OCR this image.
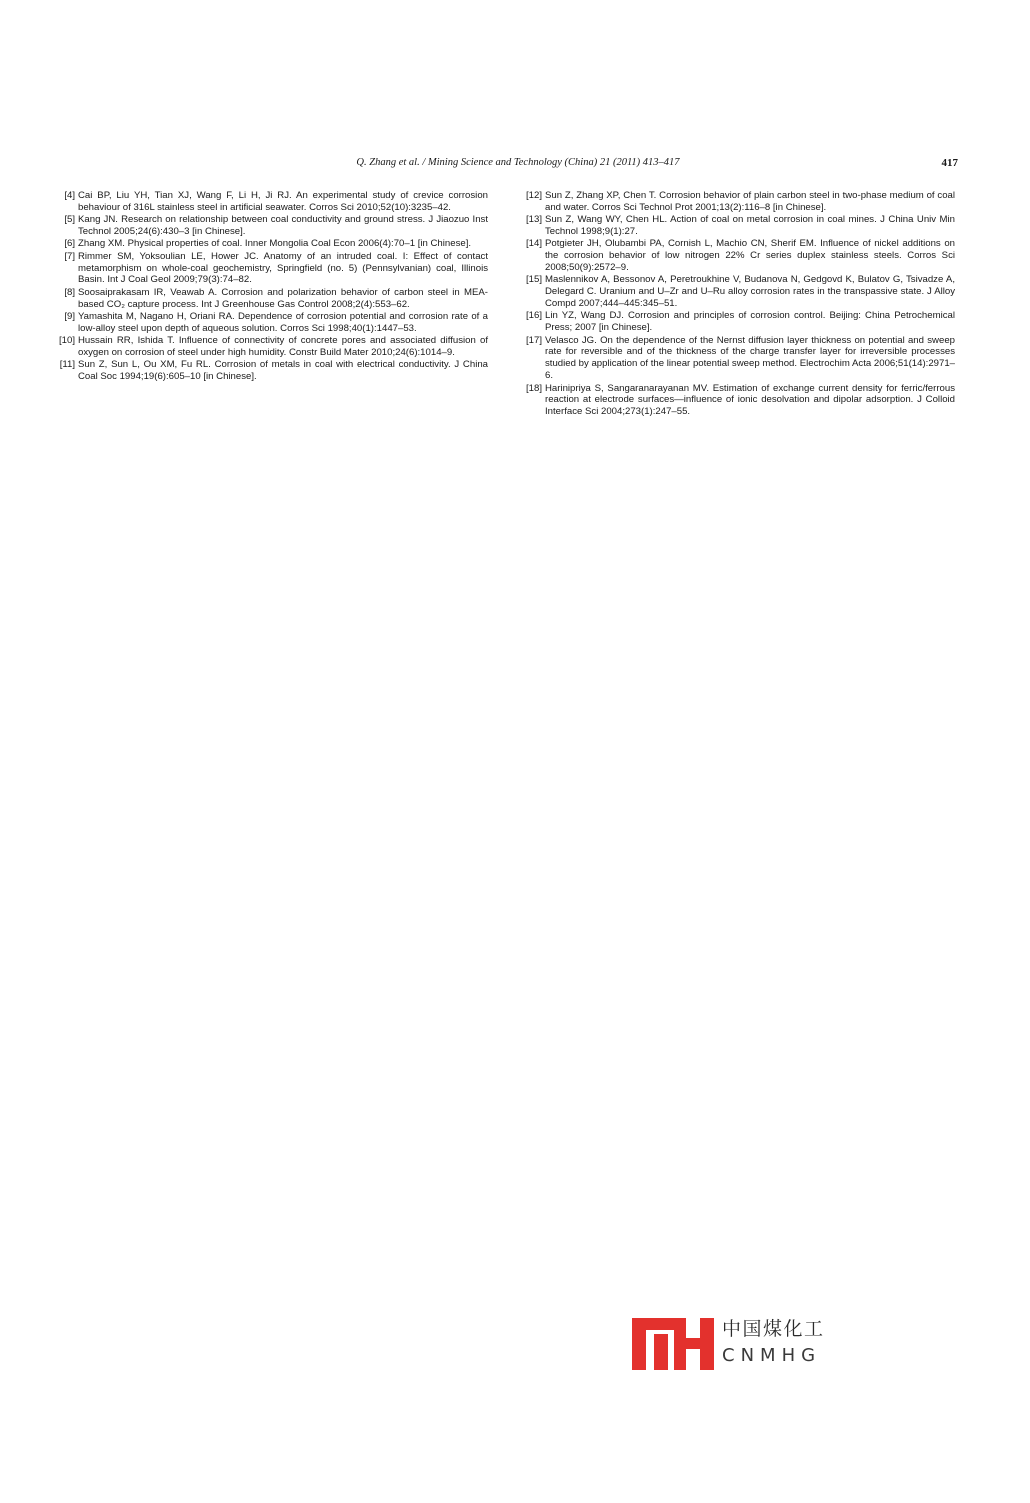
Q. Zhang et al. / Mining Science and Technology (China) 21 (2011) 413–417	417
[4] Cai BP, Liu YH, Tian XJ, Wang F, Li H, Ji RJ. An experimental study of crevice corrosion behaviour of 316L stainless steel in artificial seawater. Corros Sci 2010;52(10):3235–42.
[5] Kang JN. Research on relationship between coal conductivity and ground stress. J Jiaozuo Inst Technol 2005;24(6):430–3 [in Chinese].
[6] Zhang XM. Physical properties of coal. Inner Mongolia Coal Econ 2006(4):70–1 [in Chinese].
[7] Rimmer SM, Yoksoulian LE, Hower JC. Anatomy of an intruded coal. I: Effect of contact metamorphism on whole-coal geochemistry, Springfield (no. 5) (Pennsylvanian) coal, Illinois Basin. Int J Coal Geol 2009;79(3):74–82.
[8] Soosaiprakasam IR, Veawab A. Corrosion and polarization behavior of carbon steel in MEA-based CO₂ capture process. Int J Greenhouse Gas Control 2008;2(4):553–62.
[9] Yamashita M, Nagano H, Oriani RA. Dependence of corrosion potential and corrosion rate of a low-alloy steel upon depth of aqueous solution. Corros Sci 1998;40(1):1447–53.
[10] Hussain RR, Ishida T. Influence of connectivity of concrete pores and associated diffusion of oxygen on corrosion of steel under high humidity. Constr Build Mater 2010;24(6):1014–9.
[11] Sun Z, Sun L, Ou XM, Fu RL. Corrosion of metals in coal with electrical conductivity. J China Coal Soc 1994;19(6):605–10 [in Chinese].
[12] Sun Z, Zhang XP, Chen T. Corrosion behavior of plain carbon steel in two-phase medium of coal and water. Corros Sci Technol Prot 2001;13(2):116–8 [in Chinese].
[13] Sun Z, Wang WY, Chen HL. Action of coal on metal corrosion in coal mines. J China Univ Min Technol 1998;9(1):27.
[14] Potgieter JH, Olubambi PA, Cornish L, Machio CN, Sherif EM. Influence of nickel additions on the corrosion behavior of low nitrogen 22% Cr series duplex stainless steels. Corros Sci 2008;50(9):2572–9.
[15] Maslennikov A, Bessonov A, Peretroukhine V, Budanova N, Gedgovd K, Bulatov G, Tsivadze A, Delegard C. Uranium and U–Zr and U–Ru alloy corrosion rates in the transpassive state. J Alloy Compd 2007;444–445:345–51.
[16] Lin YZ, Wang DJ. Corrosion and principles of corrosion control. Beijing: China Petrochemical Press; 2007 [in Chinese].
[17] Velasco JG. On the dependence of the Nernst diffusion layer thickness on potential and sweep rate for reversible and of the thickness of the charge transfer layer for irreversible processes studied by application of the linear potential sweep method. Electrochim Acta 2006;51(14):2971–6.
[18] Harinipriya S, Sangaranarayanan MV. Estimation of exchange current density for ferric/ferrous reaction at electrode surfaces—influence of ionic desolvation and dipolar adsorption. J Colloid Interface Sci 2004;273(1):247–55.
中国煤化工
CNMHG
